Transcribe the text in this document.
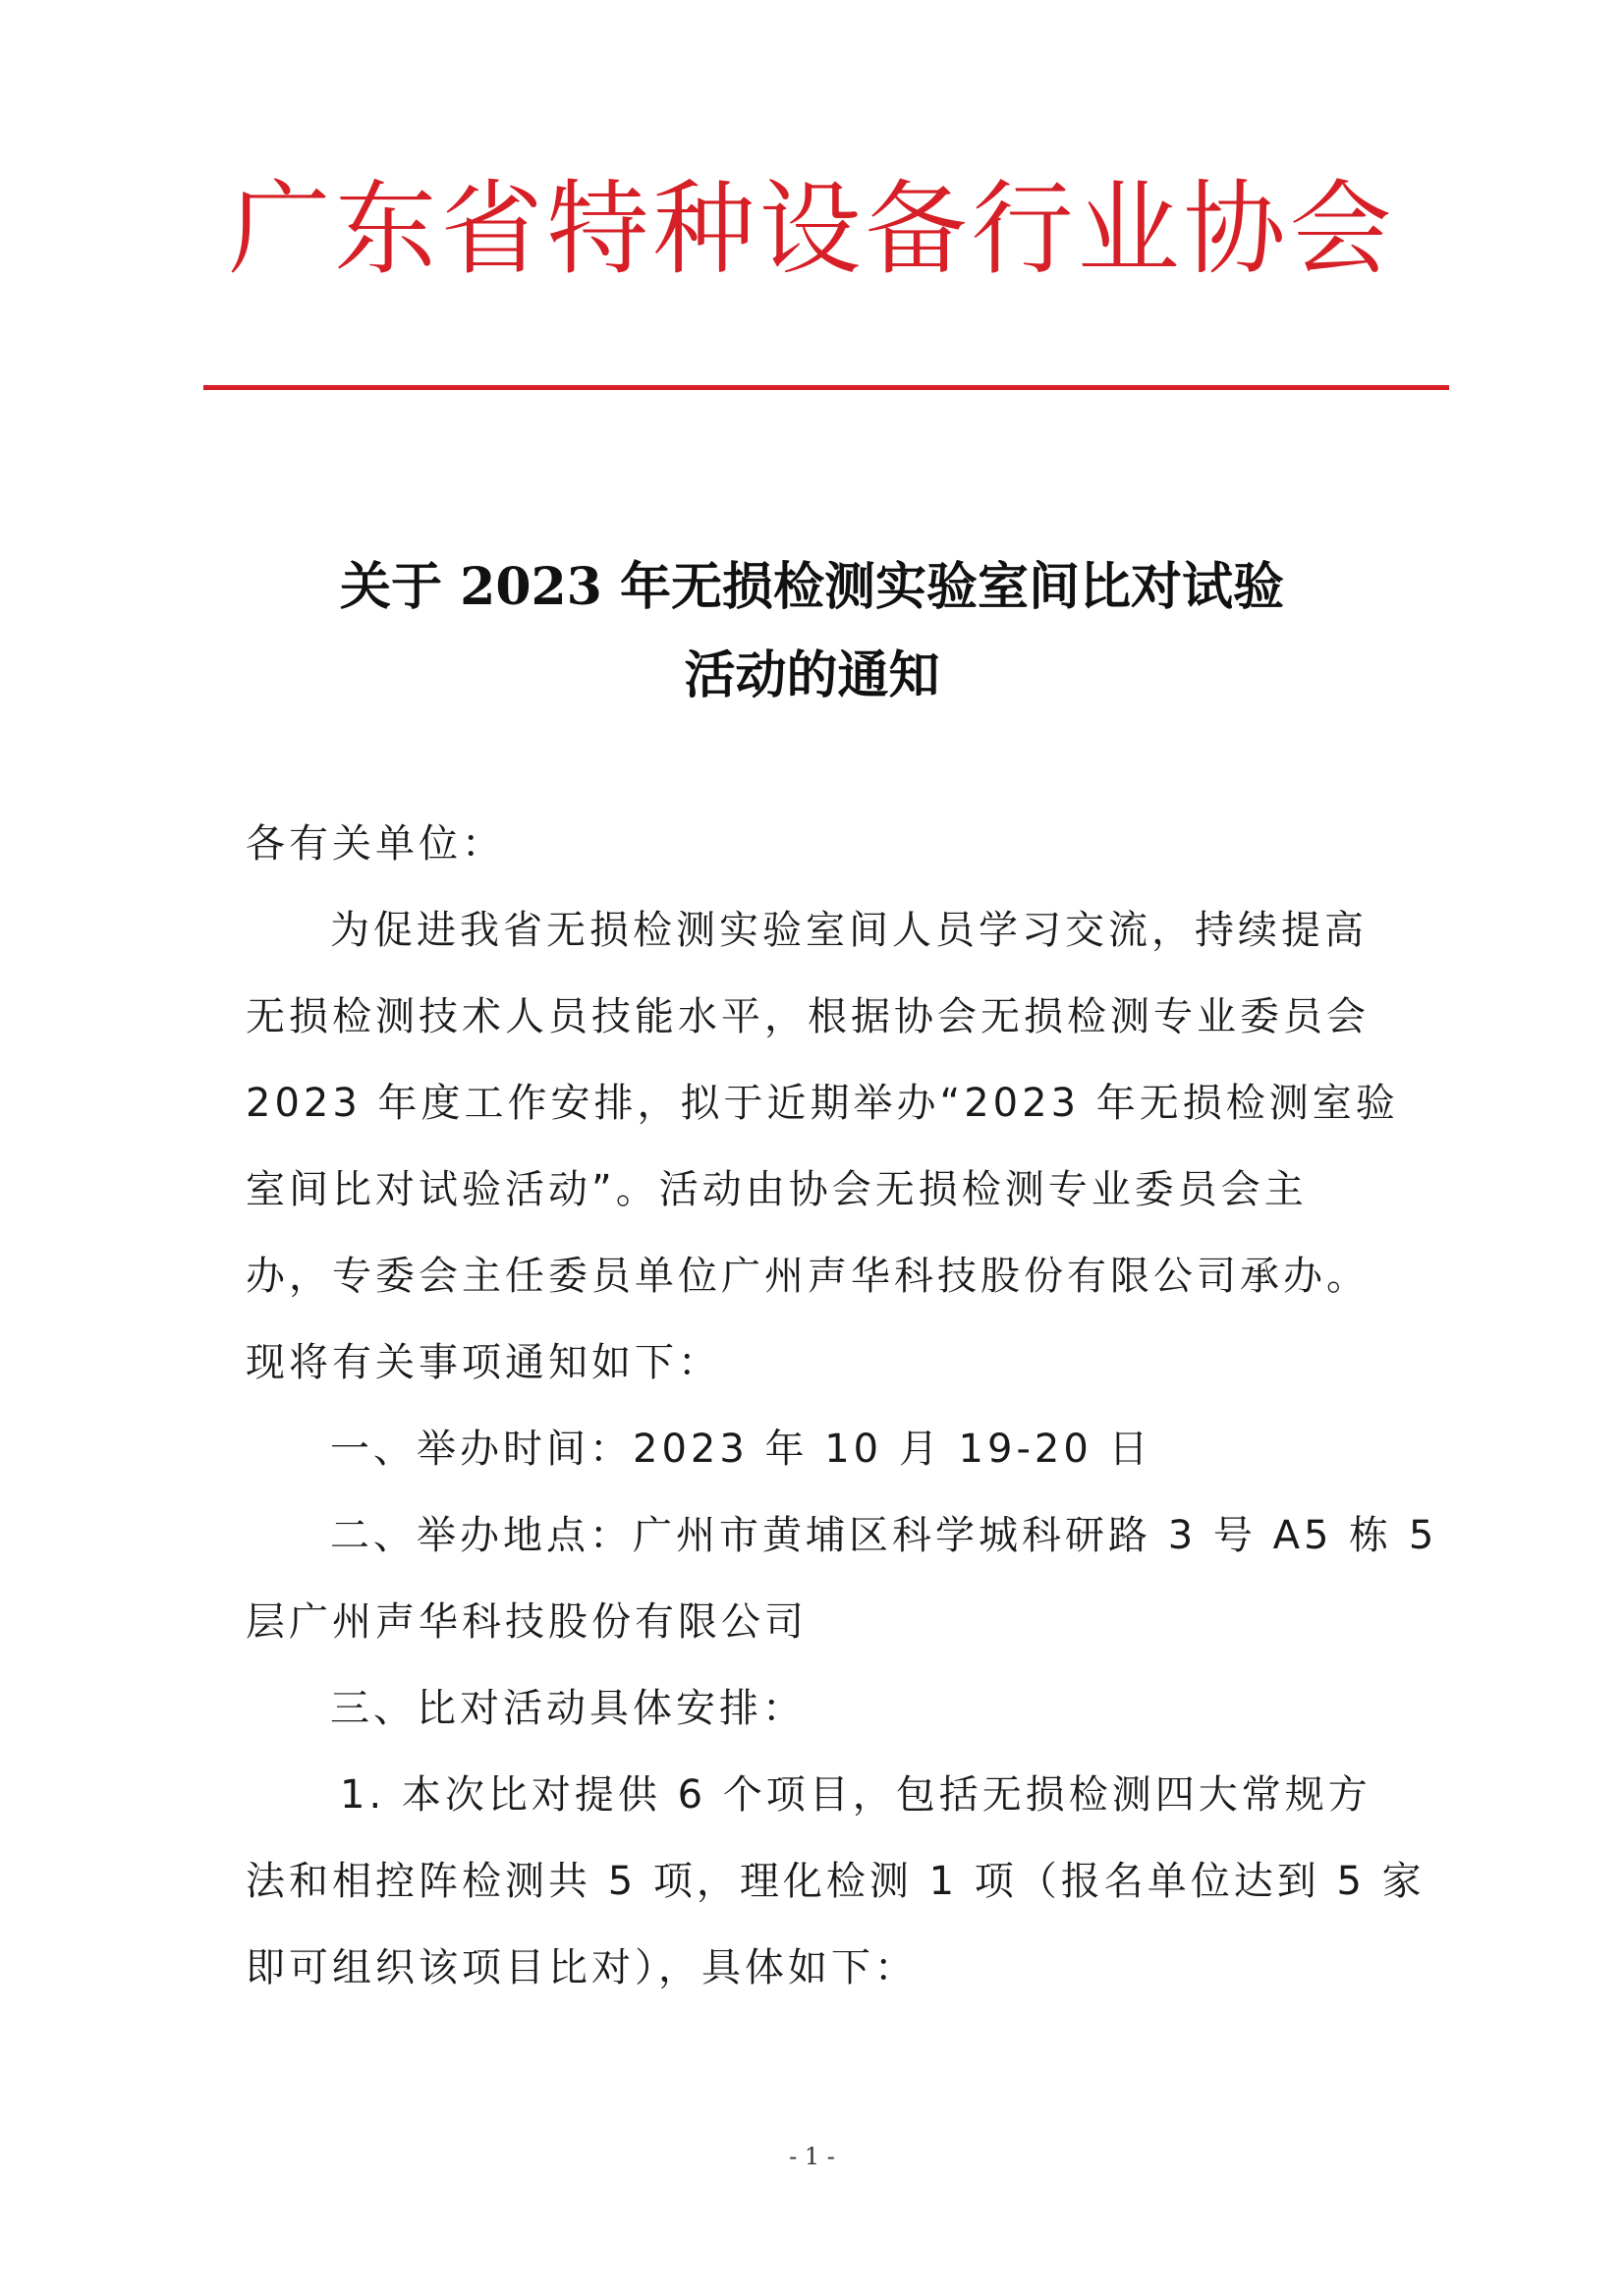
广东省特种设备行业协会
关于 2023 年无损检测实验室间比对试验
活动的通知
各有关单位：
为促进我省无损检测实验室间人员学习交流，持续提高
无损检测技术人员技能水平，根据协会无损检测专业委员会
2023 年度工作安排，拟于近期举办“2023 年无损检测室验
室间比对试验活动”。活动由协会无损检测专业委员会主
办，专委会主任委员单位广州声华科技股份有限公司承办。
现将有关事项通知如下：
一、举办时间：2023 年 10 月 19-20 日
二、举办地点：广州市黄埔区科学城科研路 3 号 A5 栋 5
层广州声华科技股份有限公司
三、比对活动具体安排：
1. 本次比对提供 6 个项目，包括无损检测四大常规方
法和相控阵检测共 5 项，理化检测 1 项（报名单位达到 5 家
即可组织该项目比对），具体如下：
- 1 -
